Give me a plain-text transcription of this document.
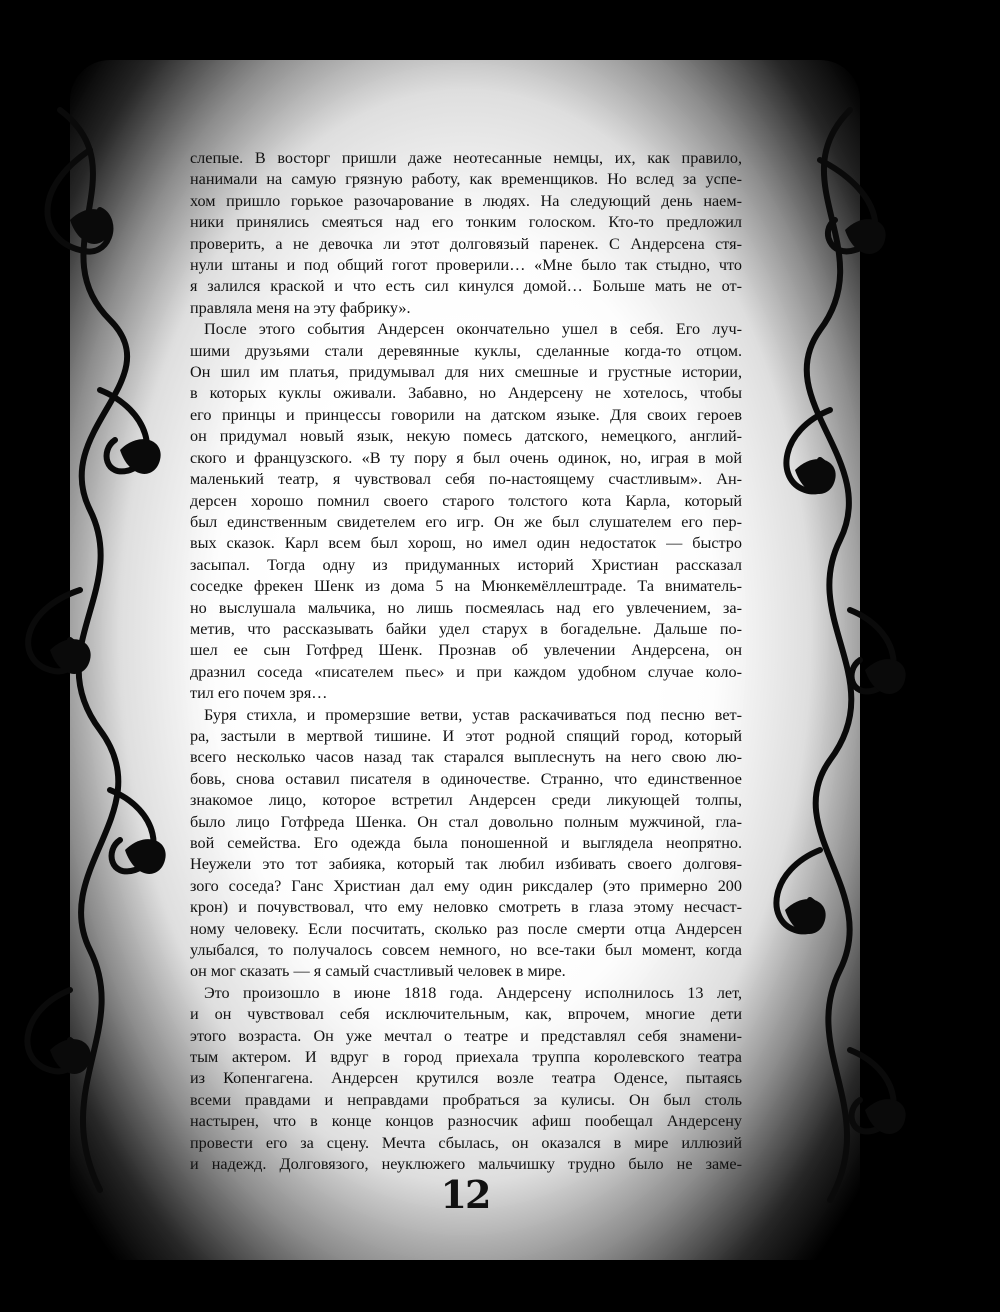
слепые. В восторг пришли даже неотесанные немцы, их, как правило,
нанимали на самую грязную работу, как временщиков. Но вслед за успе-
хом пришло горькое разочарование в людях. На следующий день наем-
ники принялись смеяться над его тонким голоском. Кто-то предложил
проверить, а не девочка ли этот долговязый паренек. С Андерсена стя-
нули штаны и под общий гогот проверили… «Мне было так стыдно, что
я залился краской и что есть сил кинулся домой… Больше мать не от-
правляла меня на эту фабрику».
После этого события Андерсен окончательно ушел в себя. Его луч-
шими друзьями стали деревянные куклы, сделанные когда-то отцом.
Он шил им платья, придумывал для них смешные и грустные истории,
в которых куклы оживали. Забавно, но Андерсену не хотелось, чтобы
его принцы и принцессы говорили на датском языке. Для своих героев
он придумал новый язык, некую помесь датского, немецкого, англий-
ского и французского. «В ту пору я был очень одинок, но, играя в мой
маленький театр, я чувствовал себя по-настоящему счастливым». Ан-
дерсен хорошо помнил своего старого толстого кота Карла, который
был единственным свидетелем его игр. Он же был слушателем его пер-
вых сказок. Карл всем был хорош, но имел один недостаток — быстро
засыпал. Тогда одну из придуманных историй Христиан рассказал
соседке фрекен Шенк из дома 5 на Мюнкемёллештраде. Та вниматель-
но выслушала мальчика, но лишь посмеялась над его увлечением, за-
метив, что рассказывать байки удел старух в богадельне. Дальше по-
шел ее сын Готфред Шенк. Прознав об увлечении Андерсена, он
дразнил соседа «писателем пьес» и при каждом удобном случае коло-
тил его почем зря…
Буря стихла, и промерзшие ветви, устав раскачиваться под песню вет-
ра, застыли в мертвой тишине. И этот родной спящий город, который
всего несколько часов назад так старался выплеснуть на него свою лю-
бовь, снова оставил писателя в одиночестве. Странно, что единственное
знакомое лицо, которое встретил Андерсен среди ликующей толпы,
было лицо Готфреда Шенка. Он стал довольно полным мужчиной, гла-
вой семейства. Его одежда была поношенной и выглядела неопрятно.
Неужели это тот забияка, который так любил избивать своего долговя-
зого соседа? Ганс Христиан дал ему один риксдалер (это примерно 200
крон) и почувствовал, что ему неловко смотреть в глаза этому несчаст-
ному человеку. Если посчитать, сколько раз после смерти отца Андерсен
улыбался, то получалось совсем немного, но все-таки был момент, когда
он мог сказать — я самый счастливый человек в мире.
Это произошло в июне 1818 года. Андерсену исполнилось 13 лет,
и он чувствовал себя исключительным, как, впрочем, многие дети
этого возраста. Он уже мечтал о театре и представлял себя знамени-
тым актером. И вдруг в город приехала труппа королевского театра
из Копенгагена. Андерсен крутился возле театра Оденсе, пытаясь
всеми правдами и неправдами пробраться за кулисы. Он был столь
настырен, что в конце концов разносчик афиш пообещал Андерсену
провести его за сцену. Мечта сбылась, он оказался в мире иллюзий
и надежд. Долговязого, неуклюжего мальчишку трудно было не заме-
12
